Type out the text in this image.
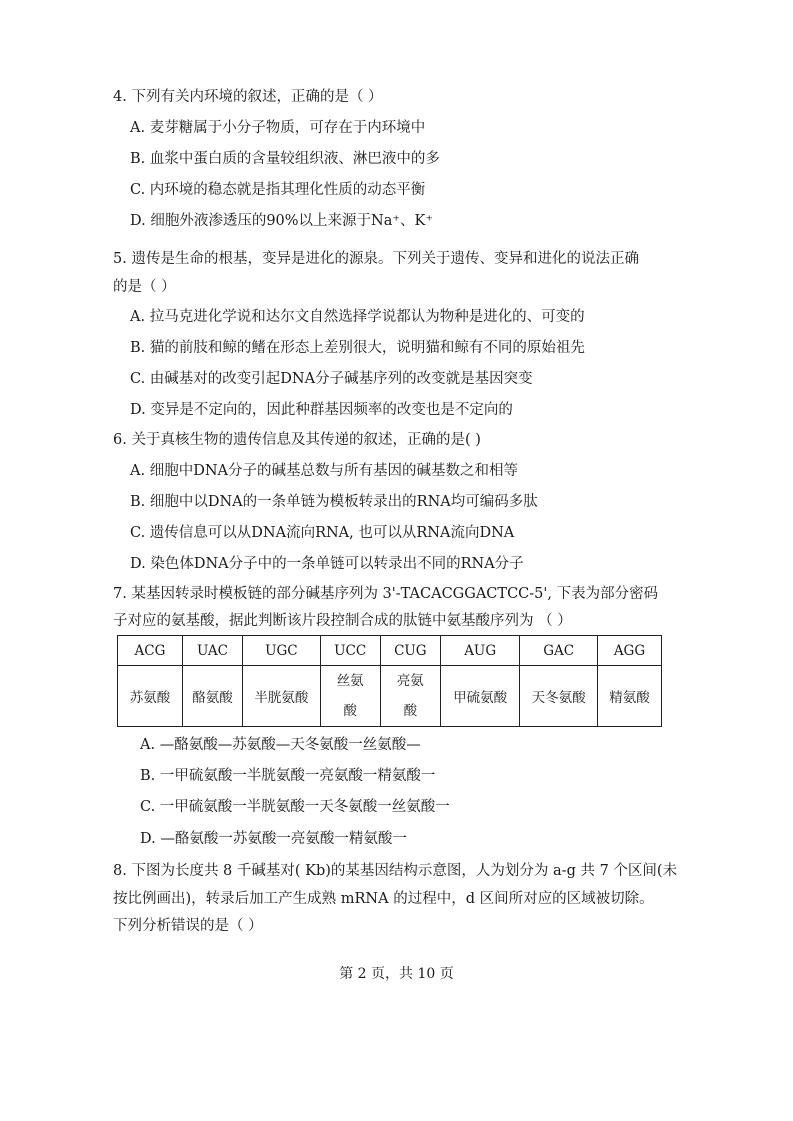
4. 下列有关内环境的叙述，正确的是（ ）
A. 麦芽糖属于小分子物质，可存在于内环境中
B. 血浆中蛋白质的含量较组织液、淋巴液中的多
C. 内环境的稳态就是指其理化性质的动态平衡
D. 细胞外液渗透压的90%以上来源于Na⁺、K⁺
5. 遗传是生命的根基，变异是进化的源泉。下列关于遗传、变异和进化的说法正确
的是（ ）
A. 拉马克进化学说和达尔文自然选择学说都认为物种是进化的、可变的
B. 猫的前肢和鲸的鳍在形态上差别很大，说明猫和鲸有不同的原始祖先
C. 由碱基对的改变引起DNA分子碱基序列的改变就是基因突变
D. 变异是不定向的，因此种群基因频率的改变也是不定向的
6. 关于真核生物的遗传信息及其传递的叙述，正确的是( )
A. 细胞中DNA分子的碱基总数与所有基因的碱基数之和相等
B. 细胞中以DNA的一条单链为模板转录出的RNA均可编码多肽
C. 遗传信息可以从DNA流向RNA, 也可以从RNA流向DNA
D. 染色体DNA分子中的一条单链可以转录出不同的RNA分子
7. 某基因转录时模板链的部分碱基序列为 3'-TACACGGACTCC-5', 下表为部分密码
子对应的氨基酸，据此判断该片段控制合成的肽链中氨基酸序列为 （ ）
ACG	UAC	UGC	UCC	CUG	AUG	GAC	AGG
苏氨酸	酪氨酸	半胱氨酸	丝氨酸	亮氨酸	甲硫氨酸	天冬氨酸	精氨酸
A. —酪氨酸—苏氨酸—天冬氨酸一丝氨酸—
B. 一甲硫氨酸一半胱氨酸一亮氨酸一精氨酸一
C. 一甲硫氨酸一半胱氨酸一天冬氨酸一丝氨酸一
D. —酪氨酸一苏氨酸一亮氨酸一精氨酸一
8. 下图为长度共 8 千碱基对( Kb)的某基因结构示意图，人为划分为 a-g 共 7 个区间(未
按比例画出)，转录后加工产生成熟 mRNA 的过程中，d 区间所对应的区域被切除。
下列分析错误的是（ ）
第 2 页，共 10 页
